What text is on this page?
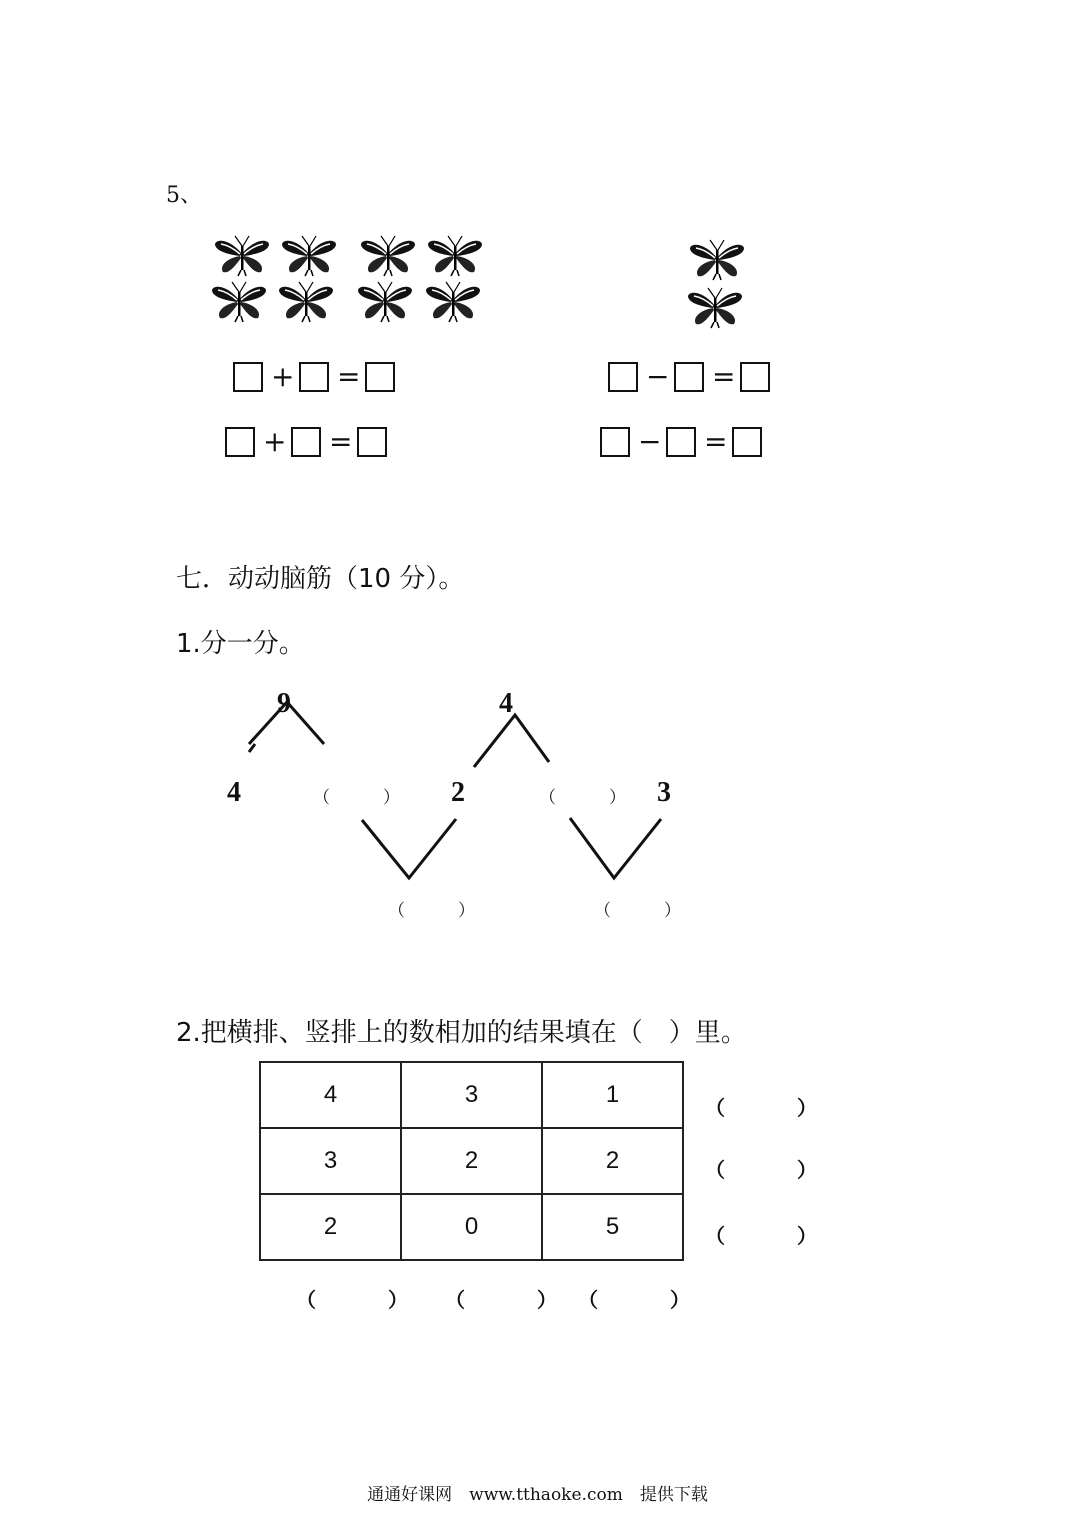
5、
+ =
+ =
− =
− =
七．动动脑筋（10 分）。
1.分一分。
9
4	（　）
4
2	（　） 3
（　）	（　）
2.把横排、竖排上的数相加的结果填在（　）里。
4	3	1
3	2	2
2	0	5
（　）
（　）
（　）
（　） （　）
（　）
通通好课网　www.tthaoke.com　提供下载
